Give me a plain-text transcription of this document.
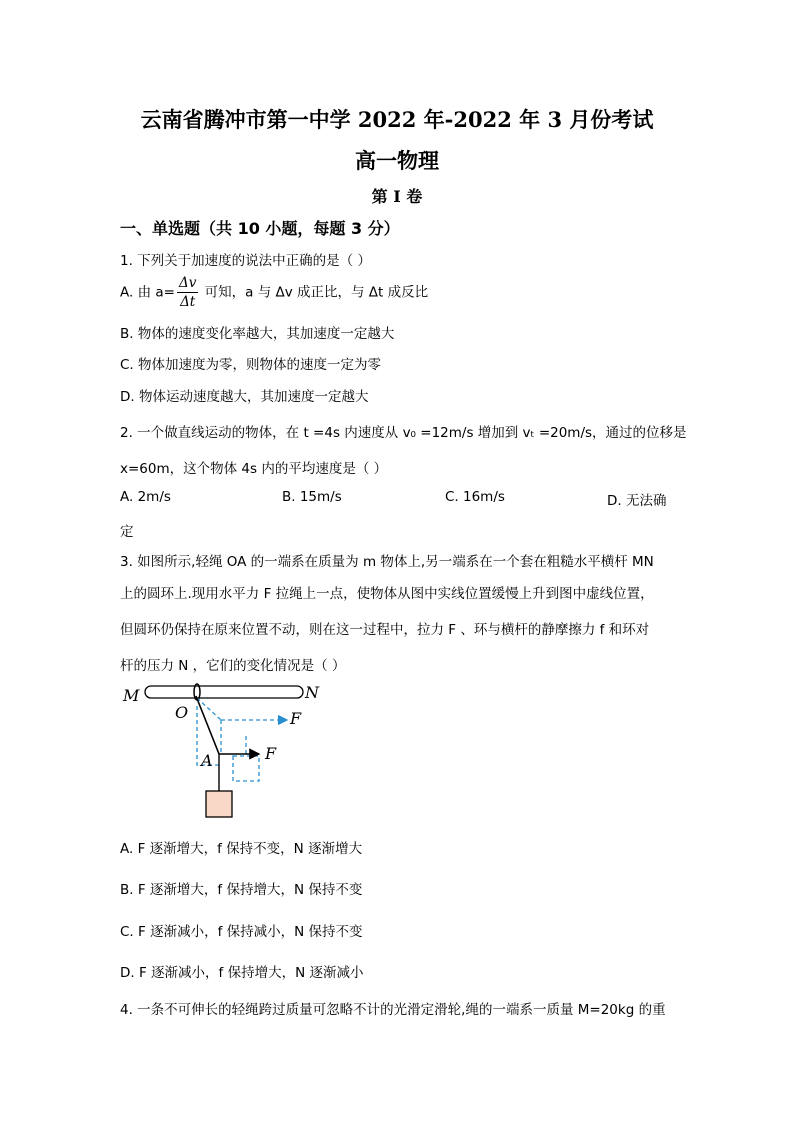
云南省腾冲市第一中学 2022 年-2022 年 3 月份考试
高一物理
第 I 卷
一、单选题（共 10 小题，每题 3 分）
1. 下列关于加速度的说法中正确的是（ ）
A. 由 $a= \frac{\Delta v}{\Delta t}$ 可知，a 与 Δv 成正比，与 Δt 成反比
B. 物体的速度变化率越大，其加速度一定越大
C. 物体加速度为零，则物体的速度一定为零
D. 物体运动速度越大，其加速度一定越大
2. 一个做直线运动的物体，在 t =4s 内速度从 v₀ =12m/s 增加到 vₜ =20m/s，通过的位移是
x=60m，这个物体 4s 内的平均速度是（ ）
A. 2m/s	B. 15m/s	C. 16m/s	D. 无法确
定
3. 如图所示,轻绳 OA 的一端系在质量为 m 物体上,另一端系在一个套在粗糙水平横杆 MN
上的圆环上.现用水平力 F 拉绳上一点，使物体从图中实线位置缓慢上升到图中虚线位置，
但圆环仍保持在原来位置不动，则在这一过程中，拉力 F 、环与横杆的静摩擦力 f 和环对
杆的压力 N ，它们的变化情况是（ ）
M	N
O
A
F
F
A. F 逐渐增大，f 保持不变，N 逐渐增大
B. F 逐渐增大，f 保持增大，N 保持不变
C. F 逐渐减小，f 保持减小，N 保持不变
D. F 逐渐减小，f 保持增大，N 逐渐减小
4. 一条不可伸长的轻绳跨过质量可忽略不计的光滑定滑轮,绳的一端系一质量 M=20kg 的重
